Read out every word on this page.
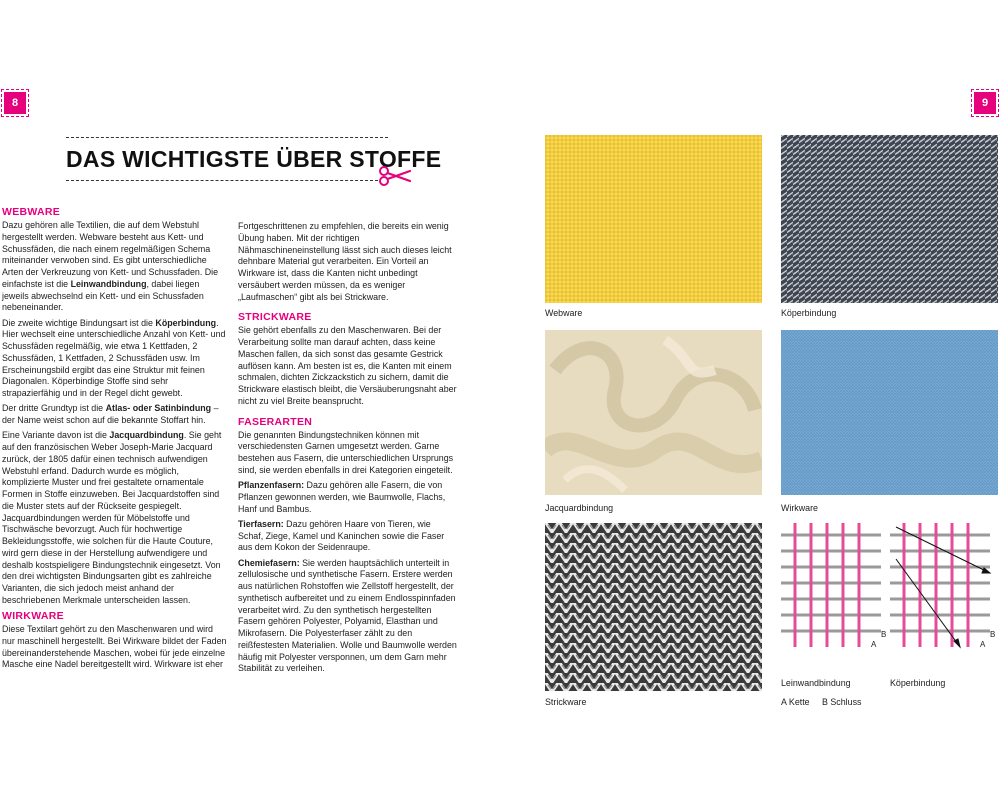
8	9
DAS WICHTIGSTE ÜBER STOFFE
WEBWARE

Dazu gehören alle Textilien, die auf dem Webstuhl hergestellt werden. Webware besteht aus Kett- und Schussfäden, die nach einem regelmäßigen Schema miteinander verwoben sind. Es gibt unterschiedliche Arten der Verkreuzung von Kett- und Schussfaden. Die einfachste ist die Leinwandbindung, dabei liegen jeweils abwechselnd ein Kett- und ein Schussfaden nebeneinander.

Die zweite wichtige Bindungsart ist die Köperbindung. Hier wechselt eine unterschiedliche Anzahl von Kett- und Schussfäden regelmäßig, wie etwa 1 Kettfaden, 2 Schussfäden, 1 Kettfaden, 2 Schussfäden usw. Im Erscheinungsbild ergibt das eine Struktur mit feinen Diagonalen. Köperbindige Stoffe sind sehr strapazierfähig und in der Regel dicht gewebt.

Der dritte Grundtyp ist die Atlas- oder Satinbindung – der Name weist schon auf die bekannte Stoffart hin.

Eine Variante davon ist die Jacquardbindung. Sie geht auf den französischen Weber Joseph-Marie Jacquard zurück, der 1805 dafür einen technisch aufwendigen Webstuhl erfand. Dadurch wurde es möglich, komplizierte Muster und frei gestaltete ornamentale Formen in Stoffe einzuweben. Bei Jacquardstoffen sind die Muster stets auf der Rückseite gespiegelt. Jacquardbindungen werden für Möbelstoffe und Tischwäsche bevorzugt. Auch für hochwertige Bekleidungsstoffe, wie solchen für die Haute Couture, wird gern diese in der Herstellung aufwendigere und deshalb kostspieligere Bindungstechnik eingesetzt. Von den drei wichtigsten Bindungsarten gibt es zahlreiche Varianten, die sich jedoch meist anhand der beschriebenen Merkmale unterscheiden lassen.

WIRKWARE

Diese Textilart gehört zu den Maschenwaren und wird nur maschinell hergestellt. Bei Wirkware bildet der Faden übereinanderstehende Maschen, wobei für jede einzelne Masche eine Nadel bereitgestellt wird. Wirkware ist eher

Fortgeschrittenen zu empfehlen, die bereits ein wenig Übung haben. Mit der richtigen Nähmaschineneinstellung lässt sich auch dieses leicht dehnbare Material gut verarbeiten. Ein Vorteil an Wirkware ist, dass die Kanten nicht unbedingt versäubert werden müssen, da es weniger „Laufmaschen“ gibt als bei Strickware.

STRICKWARE

Sie gehört ebenfalls zu den Maschenwaren. Bei der Verarbeitung sollte man darauf achten, dass keine Maschen fallen, da sich sonst das gesamte Gestrick auflösen kann. Am besten ist es, die Kanten mit einem schmalen, dichten Zickzackstich zu sichern, damit die Strickware elastisch bleibt, die Versäuberungsnaht aber nicht zu viel Breite beansprucht.

FASERARTEN

Die genannten Bindungstechniken können mit verschiedensten Garnen umgesetzt werden. Garne bestehen aus Fasern, die unterschiedlichen Ursprungs sind, sie werden ebenfalls in drei Kategorien eingeteilt.

Pflanzenfasern: Dazu gehören alle Fasern, die von Pflanzen gewonnen werden, wie Baumwolle, Flachs, Hanf und Bambus.

Tierfasern: Dazu gehören Haare von Tieren, wie Schaf, Ziege, Kamel und Kaninchen sowie die Faser aus dem Kokon der Seidenraupe.

Chemiefasern: Sie werden hauptsächlich unterteilt in zellulosische und synthetische Fasern. Erstere werden aus natürlichen Rohstoffen wie Zellstoff hergestellt, der synthetisch aufbereitet und zu einem Endlosspinnfaden verarbeitet wird. Zu den synthetisch hergestellten Fasern gehören Polyester, Polyamid, Elasthan und Mikrofasern. Die Polyesterfaser zählt zu den reißfestesten Materialien. Wolle und Baumwolle werden häufig mit Polyester versponnen, um dem Garn mehr Stabilität zu verleihen.

Webware	Köperbindung
Jacquardbindung	Wirkware
Strickware
A
B
A
B
Leinwandbindung	Köperbindung
A Kette B Schluss
